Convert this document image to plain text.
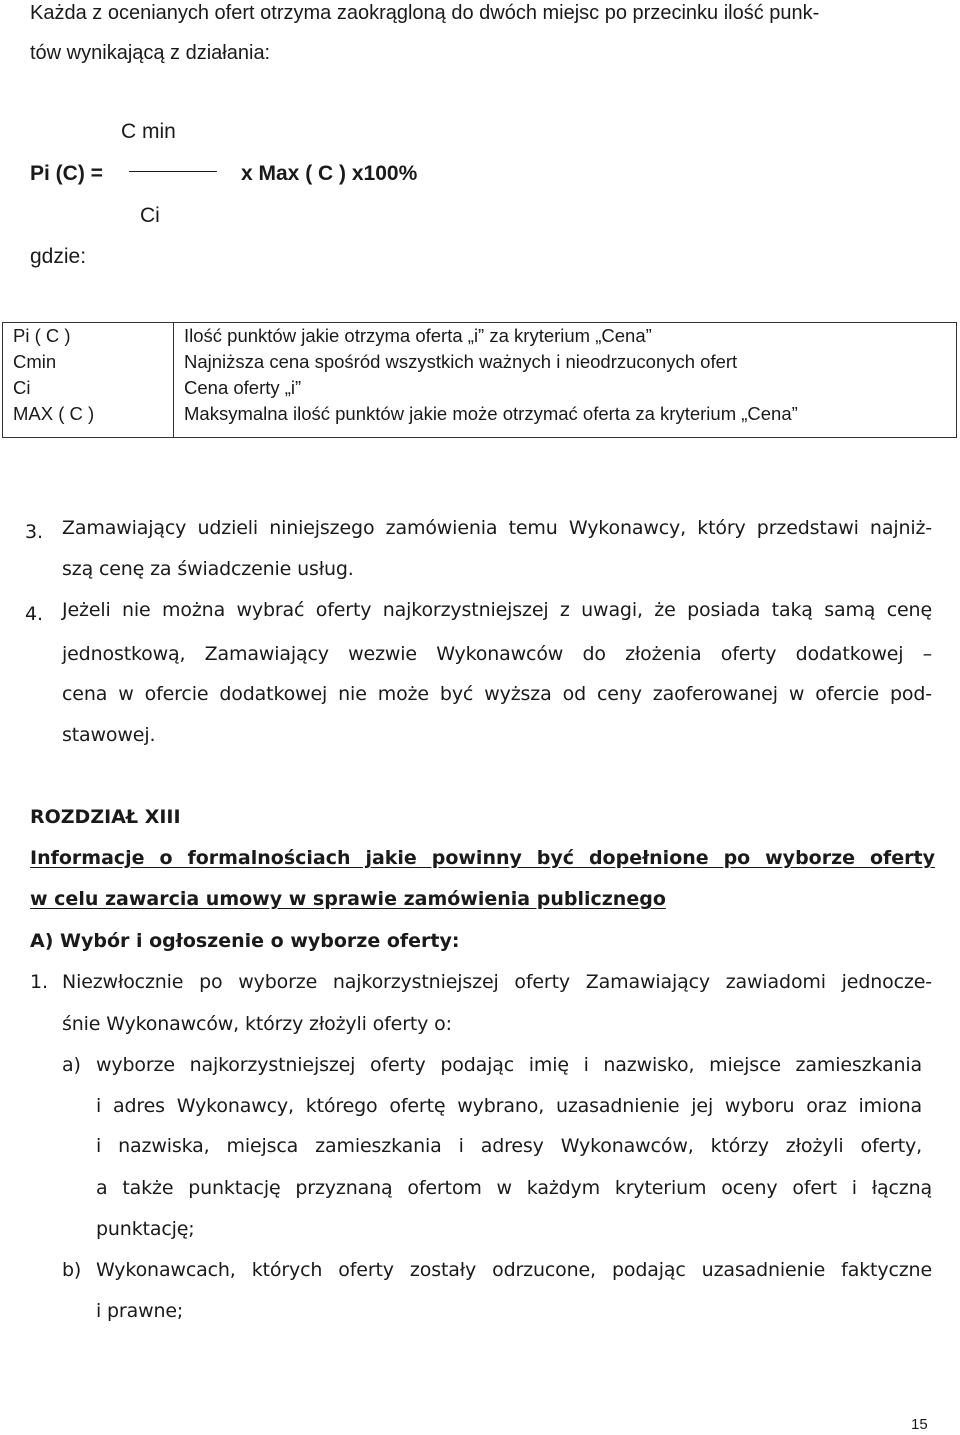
Każda z ocenianych ofert otrzyma zaokrągloną do dwóch miejsc po przecinku ilość punk-
tów wynikającą z działania:
C min
Pi (C) =	x Max ( C ) x100%
Ci
gdzie:
Pi ( C )	Ilość punktów jakie otrzyma oferta „i” za kryterium „Cena”
Cmin	Najniższa cena spośród wszystkich ważnych i nieodrzuconych ofert
Ci	Cena oferty „i”
MAX ( C )	Maksymalna ilość punktów jakie może otrzymać oferta za kryterium „Cena”
3. Zamawiający udzieli niniejszego zamówienia temu Wykonawcy, który przedstawi najniż-
szą cenę za świadczenie usług.
4. Jeżeli nie można wybrać oferty najkorzystniejszej z uwagi, że posiada taką samą cenę
jednostkową, Zamawiający wezwie Wykonawców do złożenia oferty dodatkowej –
cena w ofercie dodatkowej nie może być wyższa od ceny zaoferowanej w ofercie pod-
stawowej.
ROZDZIAŁ XIII
Informacje o formalnościach jakie powinny być dopełnione po wyborze oferty
w celu zawarcia umowy w sprawie zamówienia publicznego
A) Wybór i ogłoszenie o wyborze oferty:
1. Niezwłocznie po wyborze najkorzystniejszej oferty Zamawiający zawiadomi jednocze-
śnie Wykonawców, którzy złożyli oferty o:
a) wyborze najkorzystniejszej oferty podając imię i nazwisko, miejsce zamieszkania
i adres Wykonawcy, którego ofertę wybrano, uzasadnienie jej wyboru oraz imiona
i nazwiska, miejsca zamieszkania i adresy Wykonawców, którzy złożyli oferty,
a także punktację przyznaną ofertom w każdym kryterium oceny ofert i łączną
punktację;
b) Wykonawcach, których oferty zostały odrzucone, podając uzasadnienie faktyczne
i prawne;
15
